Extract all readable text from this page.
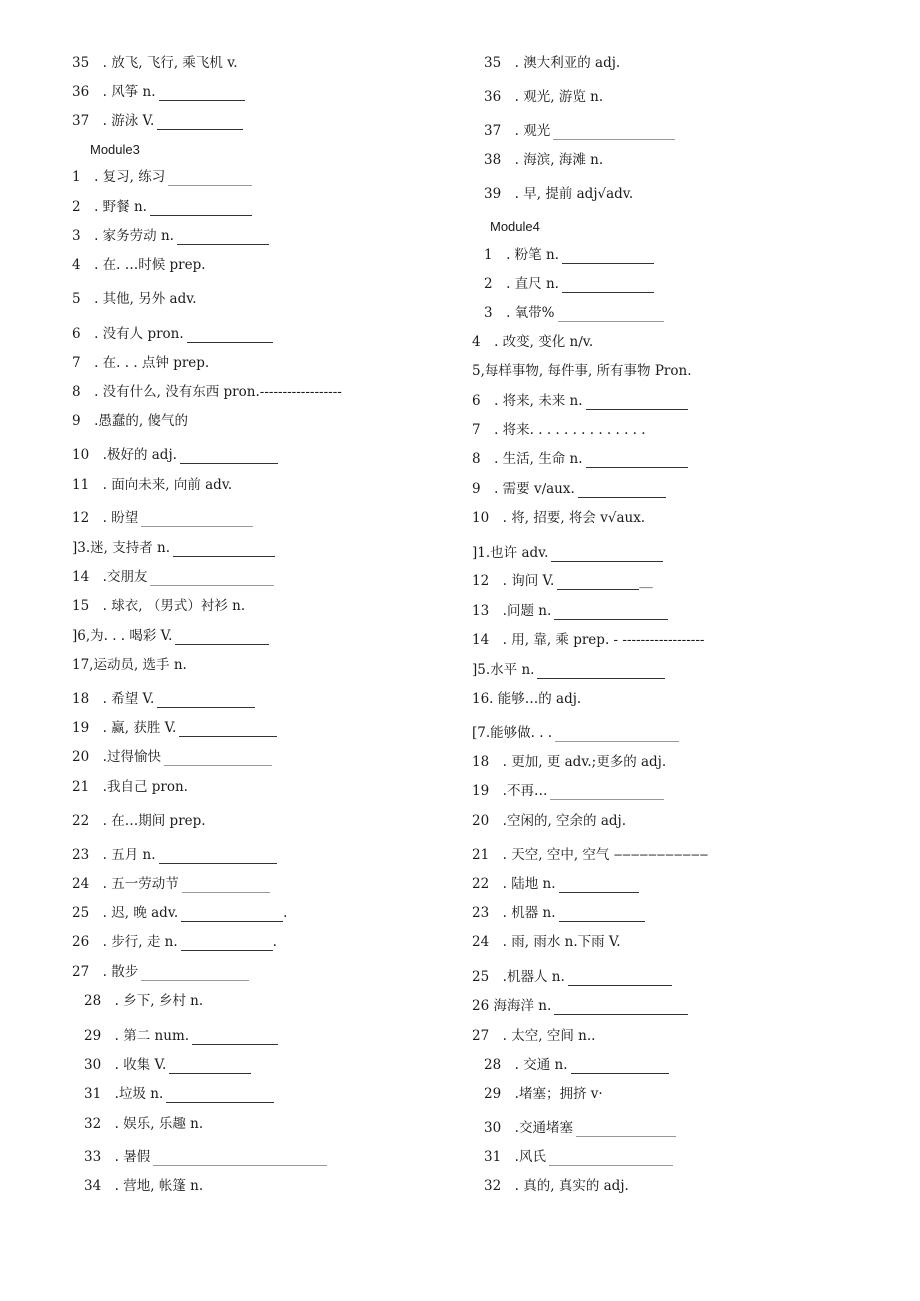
35　. 放飞, 飞行, 乘飞机 v.
36　. 风筝 n.
37　. 游泳 V.
Module3
1　. 复习, 练习
2　. 野餐 n.
3　. 家务劳动 n.
4　. 在. …时候 prep.
5　. 其他, 另外 adv.
6　. 没有人 pron.
7　. 在. . . 点钟 prep.
8　. 没有什么, 没有东西 pron.------------------
9　.愚蠢的, 傻气的
10　.极好的 adj.
11　. 面向未来, 向前 adv.
12　. 盼望
]3.迷, 支持者 n.
14　.交朋友
15　. 球衣, （男式）衬衫 n.
]6,为. . . 喝彩 V.
17,运动员, 选手 n.
18　. 希望 V.
19　. 赢, 获胜 V.
20　.过得愉快
21　.我自己 pron.
22　. 在…期间 prep.
23　. 五月 n.
24　. 五一劳动节
25　. 迟, 晚 adv.	.
26　. 步行, 走 n.	.
27　. 散步
28　. 乡下, 乡村 n.
29　. 第二 num.
30　. 收集 V.
31　.垃圾 n.
32　. 娱乐, 乐趣 n.
33　. 暑假
34　. 营地, 帐篷 n.
35　. 澳大利亚的 adj.
36　. 观光, 游览 n.
37　. 观光
38　. 海滨, 海滩 n.
39　. 早, 提前 adj√adv.
Module4
1　. 粉笔 n.
2　. 直尺 n.
3　. 氧带%
4　. 改变, 变化 n∕v.
5,每样事物, 每件事, 所有事物 Pron.
6　. 将来, 未来 n.
7　. 将来. . . . . . . . . . . . . .
8　. 生活, 生命 n.
9　. 需要 v∕aux.
10　. 将, 招要, 将会 v√aux.
]1.也许 adv.
12　. 询问 V.	__
13　.问题 n.
14　. 用, 靠, 乘 prep. - ------------------
]5.水平 n.
16. 能够…的 adj.
[7.能够做. . .
18　. 更加, 更 adv.;更多的 adj.
19　.不再…
20　.空闲的, 空余的 adj.
21　. 天空, 空中, 空气 ‒‒‒‒‒‒‒‒‒‒‒
22　. 陆地 n.
23　. 机器 n.
24　. 雨, 雨水 n.下雨 V.
25　.机器人 n.
26 海海洋 n.
27　. 太空, 空间 n..
28　. 交通 n.
29　.堵塞；拥挤 v·
30　.交通堵塞
31　.风氏
32　. 真的, 真实的 adj.
